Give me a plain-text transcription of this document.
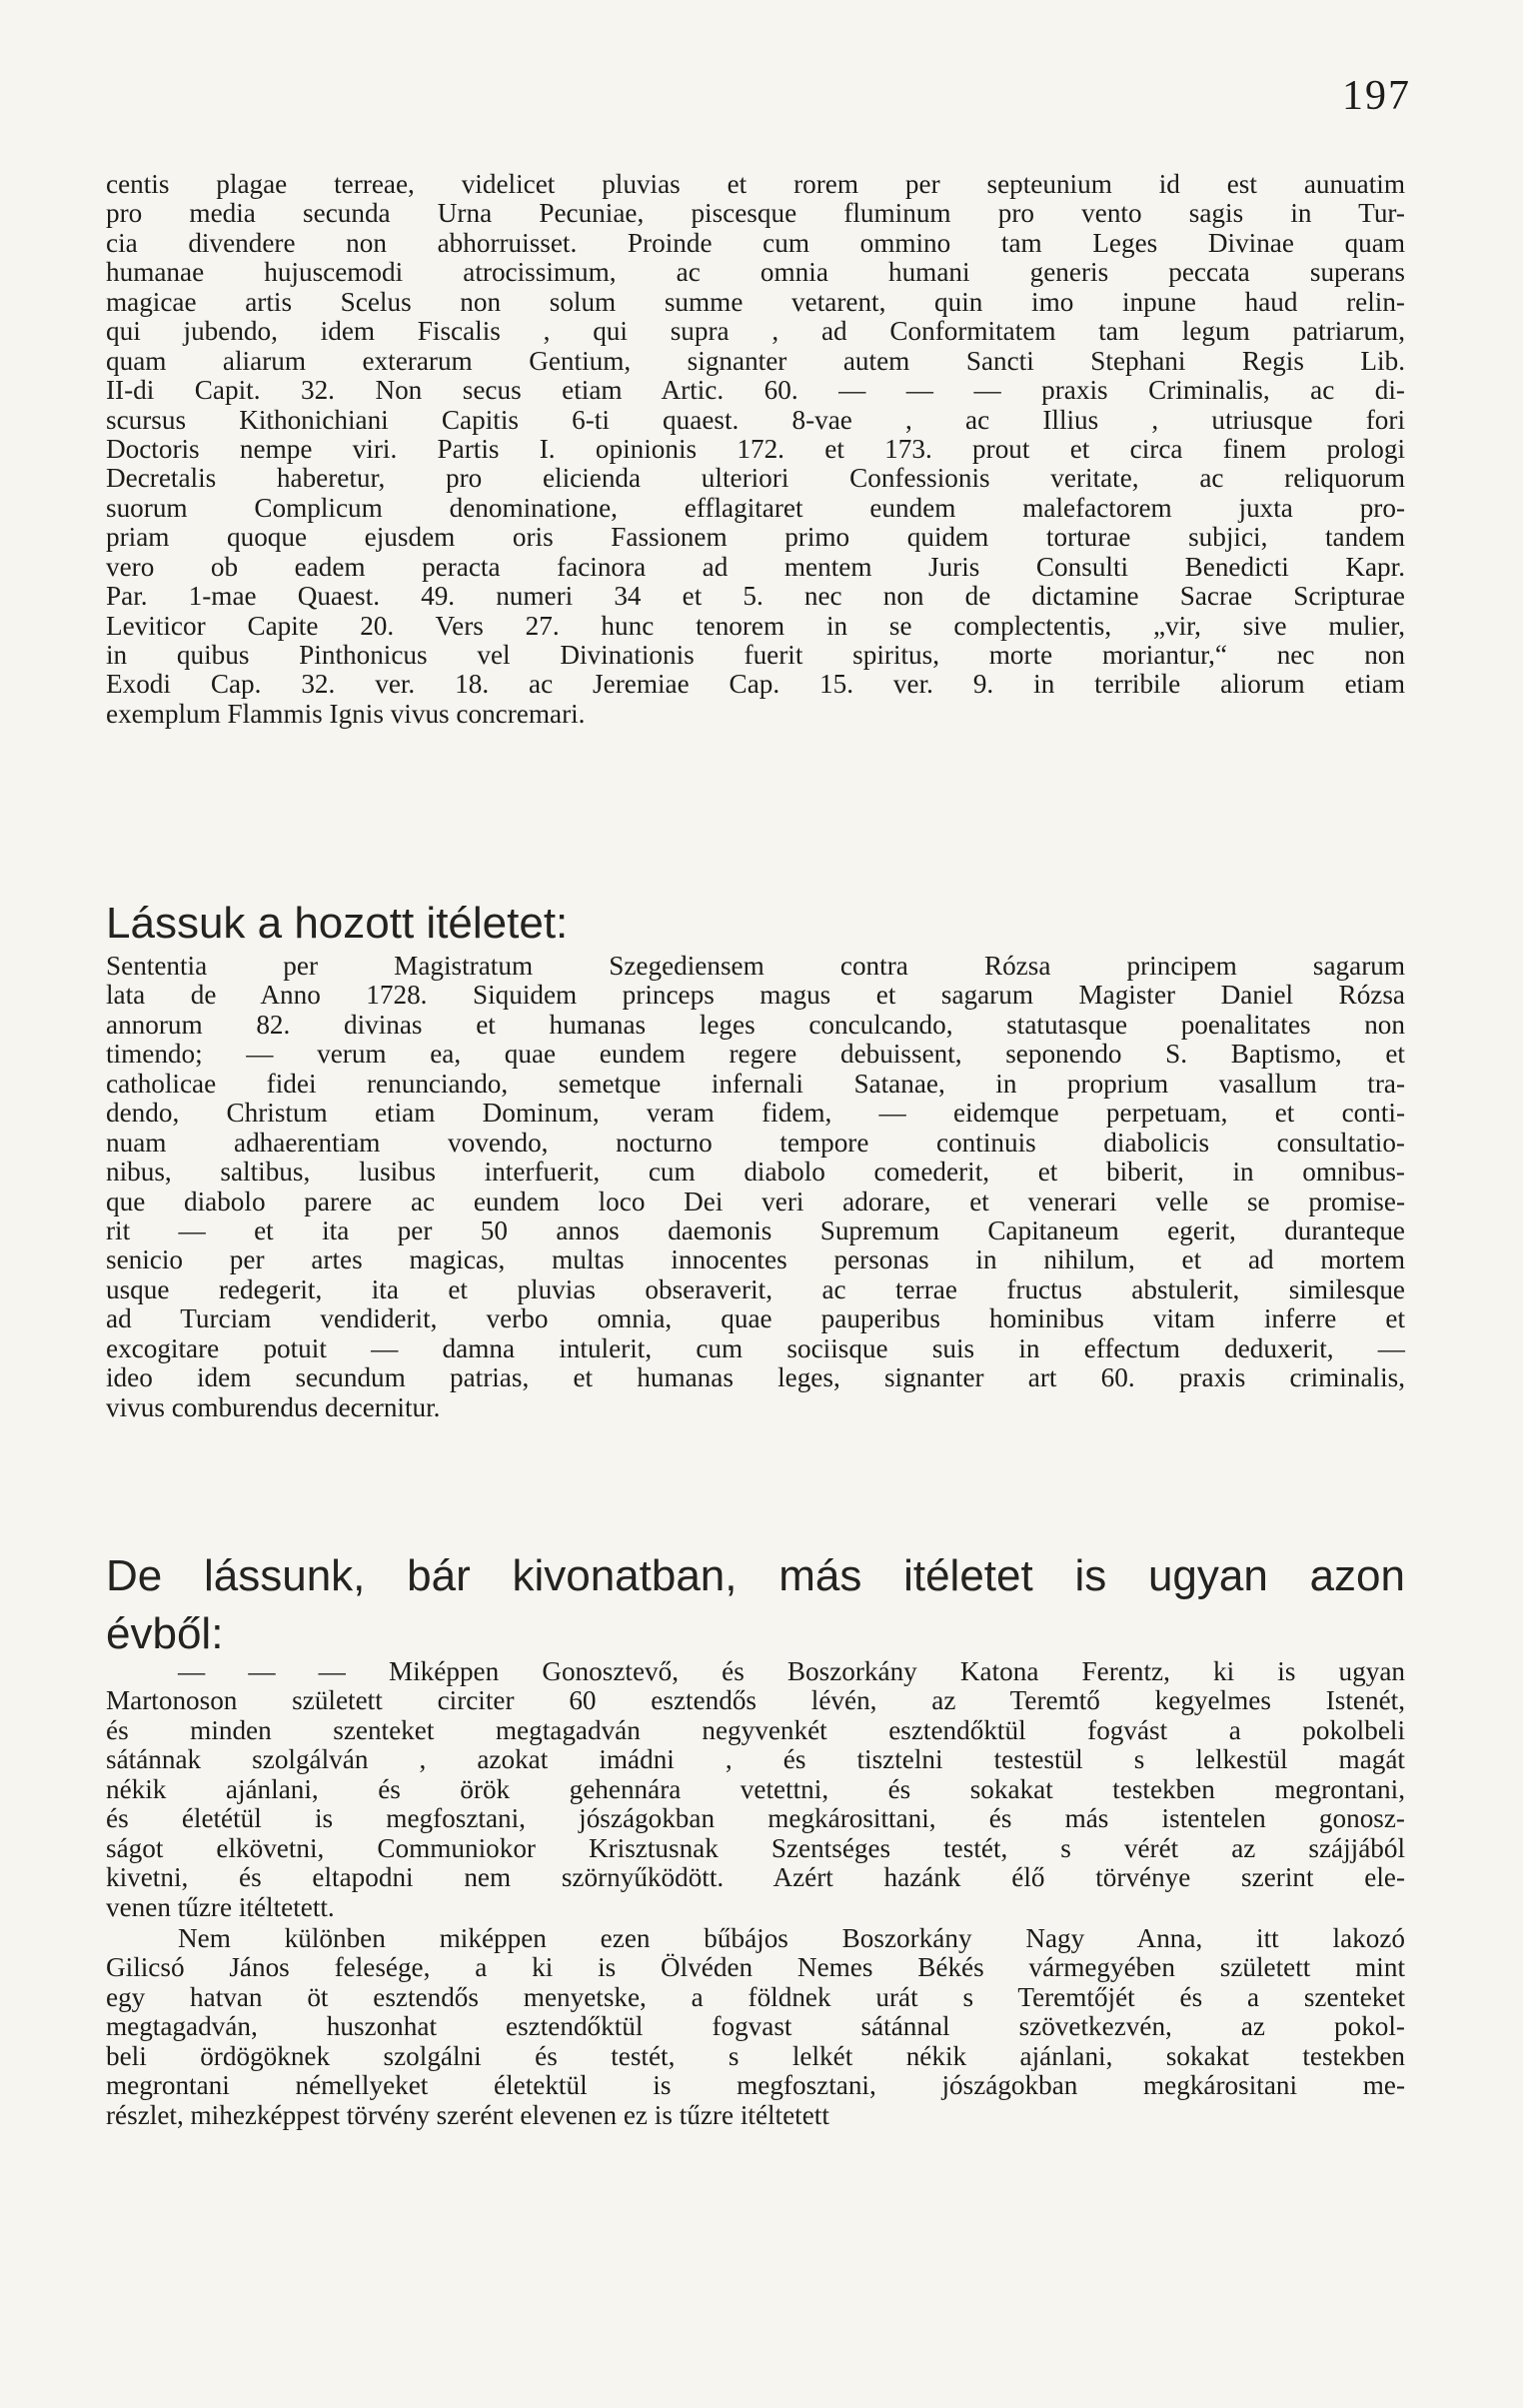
197
centis plagae terreae, videlicet pluvias et rorem per septeunium id est aunuatim
pro media secunda Urna Pecuniae, piscesque fluminum pro vento sagis in Tur-
cia divendere non abhorruisset. Proinde cum ommino tam Leges Divinae quam
humanae hujuscemodi atrocissimum, ac omnia humani generis peccata superans
magicae artis Scelus non solum summe vetarent, quin imo inpune haud relin-
qui jubendo, idem Fiscalis , qui supra , ad Conformitatem tam legum patriarum,
quam aliarum exterarum Gentium, signanter autem Sancti Stephani Regis Lib.
II-di Capit. 32. Non secus etiam Artic. 60. — — — praxis Criminalis, ac di-
scursus Kithonichiani Capitis 6-ti quaest. 8-vae , ac Illius , utriusque fori
Doctoris nempe viri. Partis I. opinionis 172. et 173. prout et circa finem prologi
Decretalis haberetur, pro elicienda ulteriori Confessionis veritate, ac reliquorum
suorum Complicum denominatione, efflagitaret eundem malefactorem juxta pro-
priam quoque ejusdem oris Fassionem primo quidem torturae subjici, tandem
vero ob eadem peracta facinora ad mentem Juris Consulti Benedicti Kapr.
Par. 1-mae Quaest. 49. numeri 34 et 5. nec non de dictamine Sacrae Scripturae
Leviticor Capite 20. Vers 27. hunc tenorem in se complectentis, „vir, sive mulier,
in quibus Pinthonicus vel Divinationis fuerit spiritus, morte moriantur,“ nec non
Exodi Cap. 32. ver. 18. ac Jeremiae Cap. 15. ver. 9. in terribile aliorum etiam
exemplum Flammis Ignis vivus concremari.
Lássuk a hozott itéletet:
Sententia per Magistratum Szegediensem contra Rózsa principem sagarum
lata de Anno 1728. Siquidem princeps magus et sagarum Magister Daniel Rózsa
annorum 82. divinas et humanas leges conculcando, statutasque poenalitates non
timendo; — verum ea, quae eundem regere debuissent, seponendo S. Baptismo, et
catholicae fidei renunciando, semetque infernali Satanae, in proprium vasallum tra-
dendo, Christum etiam Dominum, veram fidem, — eidemque perpetuam, et conti-
nuam adhaerentiam vovendo, nocturno tempore continuis diabolicis consultatio-
nibus, saltibus, lusibus interfuerit, cum diabolo comederit, et biberit, in omnibus-
que diabolo parere ac eundem loco Dei veri adorare, et venerari velle se promise-
rit — et ita per 50 annos daemonis Supremum Capitaneum egerit, duranteque
senicio per artes magicas, multas innocentes personas in nihilum, et ad mortem
usque redegerit, ita et pluvias obseraverit, ac terrae fructus abstulerit, similesque
ad Turciam vendiderit, verbo omnia, quae pauperibus hominibus vitam inferre et
excogitare potuit — damna intulerit, cum sociisque suis in effectum deduxerit, —
ideo idem secundum patrias, et humanas leges, signanter art 60. praxis criminalis,
vivus comburendus decernitur.
De lássunk, bár kivonatban, más itéletet is ugyan azon
évből:
— — — Miképpen Gonosztevő, és Boszorkány Katona Ferentz, ki is ugyan
Martonoson született circiter 60 esztendős lévén, az Teremtő kegyelmes Istenét,
és minden szenteket megtagadván negyvenkét esztendőktül fogvást a pokolbeli
sátánnak szolgálván , azokat imádni , és tisztelni testestül s lelkestül magát
nékik ajánlani, és örök gehennára vetettni, és sokakat testekben megrontani,
és életétül is megfosztani, jószágokban megkárosittani, és más istentelen gonosz-
ságot elkövetni, Communiokor Krisztusnak Szentséges testét, s vérét az szájjából
kivetni, és eltapodni nem szörnyűködött. Azért hazánk élő törvénye szerint ele-
venen tűzre itéltetett.
Nem különben miképpen ezen bűbájos Boszorkány Nagy Anna, itt lakozó
Gilicsó János felesége, a ki is Ölvéden Nemes Békés vármegyében született mint
egy hatvan öt esztendős menyetske, a földnek urát s Teremtőjét és a szenteket
megtagadván, huszonhat esztendőktül fogvast sátánnal szövetkezvén, az pokol-
beli ördögöknek szolgálni és testét, s lelkét nékik ajánlani, sokakat testekben
megrontani némellyeket életektül is megfosztani, jószágokban megkárositani me-
részlet, mihezképpest törvény szerént elevenen ez is tűzre itéltetett
